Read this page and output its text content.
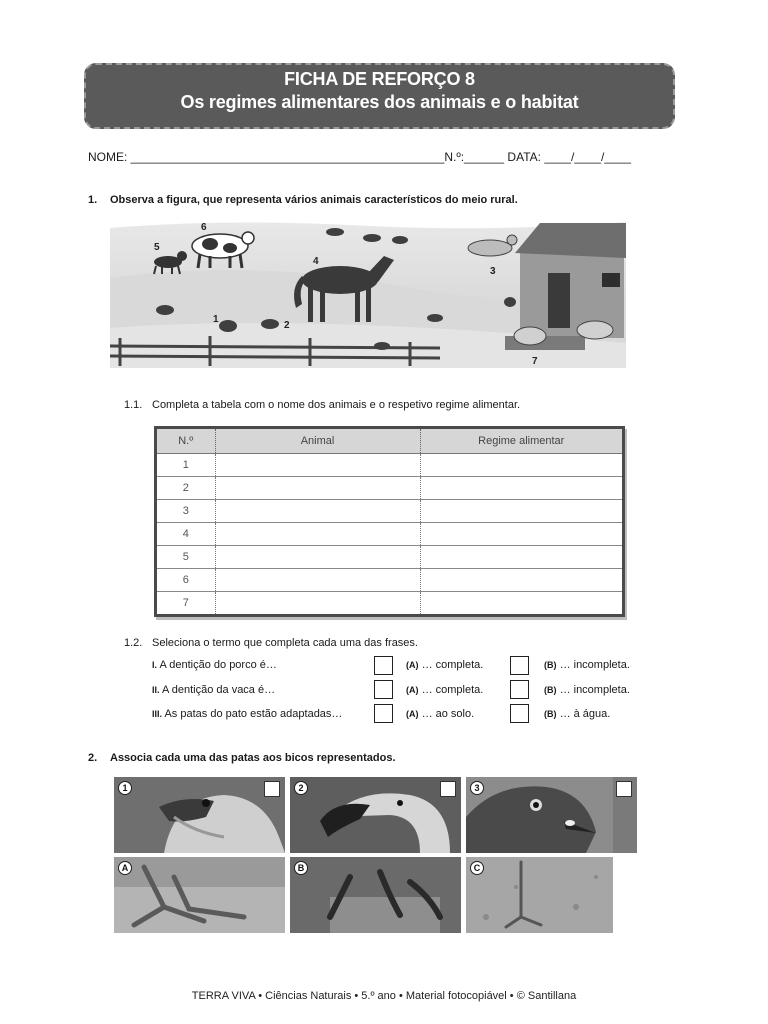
FICHA DE REFORÇO 8
Os regimes alimentares dos animais e o habitat
NOME: _______________________________________________N.º:______ DATA: ____/____/____
1. Observa a figura, que representa vários animais característicos do meio rural.
1
2
3
4
5
6
7
1.1. Completa a tabela com o nome dos animais e o respetivo regime alimentar.
N.º	Animal	Regime alimentar
1		
2		
3		
4		
5		
6		
7		
1.2. Seleciona o termo que completa cada uma das frases.
I. A dentição do porco é…	(A) … completa.	(B) … incompleta.
II. A dentição da vaca é…	(A) … completa.	(B) … incompleta.
III. As patas do pato estão adaptadas…	(A) … ao solo.	(B) … à água.
2. Associa cada uma das patas aos bicos representados.
1	2	3
A	B	C
TERRA VIVA • Ciências Naturais • 5.º ano • Material fotocopiável • © Santillana
